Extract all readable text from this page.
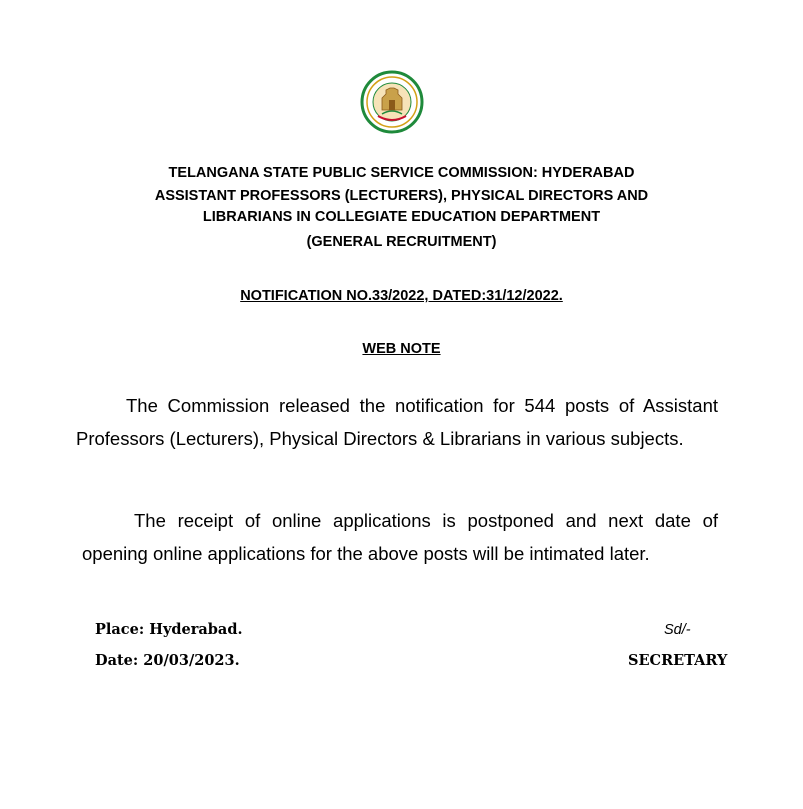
TELANGANA STATE PUBLIC SERVICE COMMISSION: HYDERABAD
ASSISTANT PROFESSORS (LECTURERS), PHYSICAL DIRECTORS AND
LIBRARIANS IN COLLEGIATE EDUCATION DEPARTMENT
(GENERAL RECRUITMENT)
NOTIFICATION NO.33/2022, DATED:31/12/2022.
WEB NOTE
The Commission released the notification for 544 posts of Assistant Professors (Lecturers), Physical Directors & Librarians in various subjects.
The receipt of online applications is postponed and next date of opening online applications for the above posts will be intimated later.
Place: Hyderabad.
Date: 20/03/2023.
Sd/-
SECRETARY
